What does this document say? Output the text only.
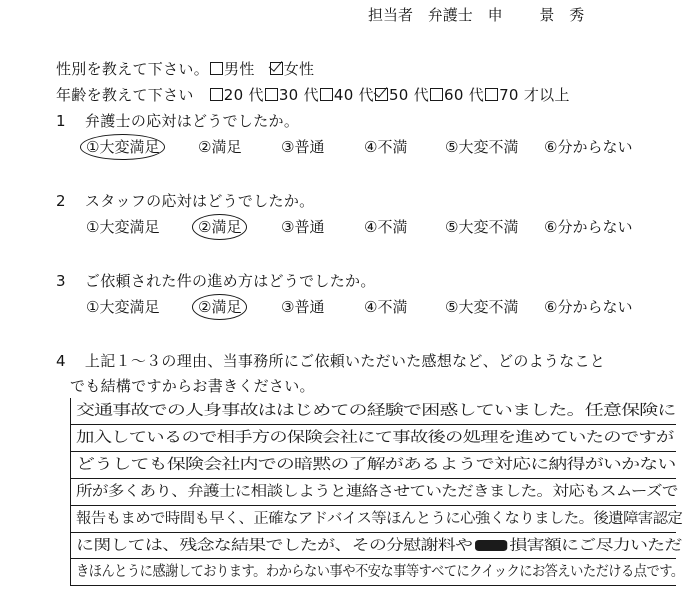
担当者 弁護士 申 景 秀
性別を教えて下さい。 男性 女性
年齢を教えて下さい 20 代 30 代 40 代 50 代 60 代 70 才以上
1 弁護士の応対はどうでしたか。
①大変満足	②満足	③普通	④不満	⑤大変不満 ⑥分からない
2 スタッフの応対はどうでしたか。
①大変満足	②満足	③普通	④不満	⑤大変不満 ⑥分からない
3 ご依頼された件の進め方はどうでしたか。
①大変満足	②満足	③普通	④不満	⑤大変不満 ⑥分からない
4 上記１～３の理由、当事務所にご依頼いただいた感想など、どのようなこと
でも結構ですからお書きください。
交通事故での人身事故ははじめての経験で困惑していました。任意保険に
加入しているので相手方の保険会社にて事故後の処理を進めていたのですが
どうしても保険会社内での暗黙の了解があるようで対応に納得がいかない
所が多くあり、弁護士に相談しようと連絡させていただきました。対応もスムーズで
報告もまめで時間も早く、正確なアドバイス等ほんとうに心強くなりました。後遺障害認定
に関しては、残念な結果でしたが、その分慰謝料や	損害額にご尽力いただ
きほんとうに感謝しております。わからない事や不安な事等すべてにクイックにお答えいただける点です。
